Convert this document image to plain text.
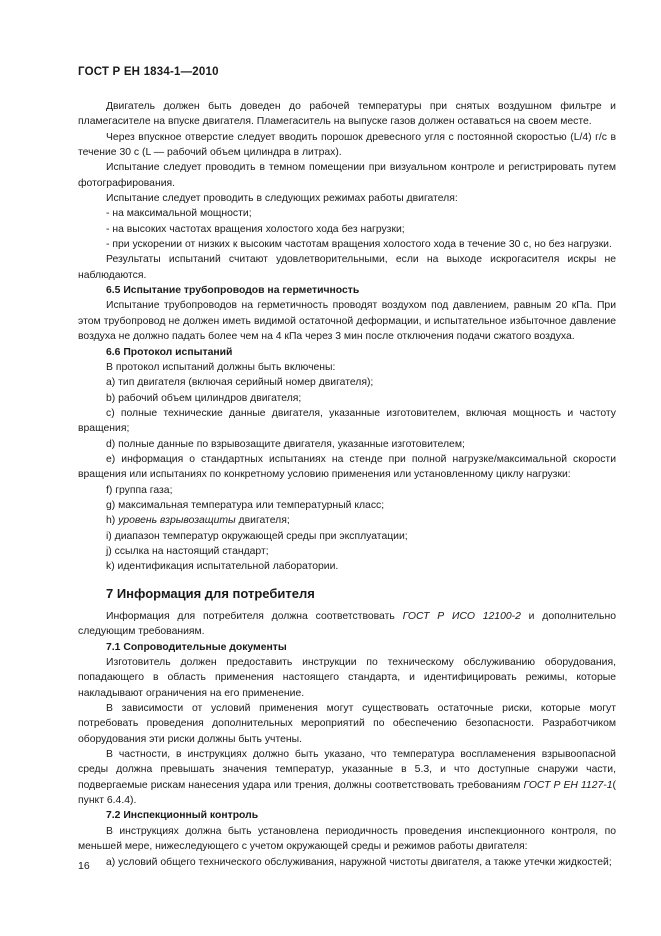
ГОСТ Р ЕН 1834-1—2010

Двигатель должен быть доведен до рабочей температуры при снятых воздушном фильтре и пламегасителе на впуске двигателя. Пламегаситель на выпуске газов должен оставаться на своем месте.

Через впускное отверстие следует вводить порошок древесного угля с постоянной скоростью (L/4) г/с в течение 30 с (L — рабочий объем цилиндра в литрах).

Испытание следует проводить в темном помещении при визуальном контроле и регистрировать путем фотографирования.

Испытание следует проводить в следующих режимах работы двигателя:

- на максимальной мощности;

- на высоких частотах вращения холостого хода без нагрузки;

- при ускорении от низких к высоким частотам вращения холостого хода в течение 30 с, но без нагрузки.

Результаты испытаний считают удовлетворительными, если на выходе искрогасителя искры не наблюдаются.

6.5 Испытание трубопроводов на герметичность

Испытание трубопроводов на герметичность проводят воздухом под давлением, равным 20 кПа. При этом трубопровод не должен иметь видимой остаточной деформации, и испытательное избыточное давление воздуха не должно падать более чем на 4 кПа через 3 мин после отключения подачи сжатого воздуха.

6.6 Протокол испытаний

В протокол испытаний должны быть включены:

а) тип двигателя (включая серийный номер двигателя);

b) рабочий объем цилиндров двигателя;

с) полные технические данные двигателя, указанные изготовителем, включая мощность и частоту вращения;

d) полные данные по взрывозащите двигателя, указанные изготовителем;

е) информация о стандартных испытаниях на стенде при полной нагрузке/максимальной скорости вращения или испытаниях по конкретному условию применения или установленному циклу нагрузки:

f) группа газа;

g) максимальная температура или температурный класс;

h) уровень взрывозащиты двигателя;

i) диапазон температур окружающей среды при эксплуатации;

j) ссылка на настоящий стандарт;

k) идентификация испытательной лаборатории.

7 Информация для потребителя

Информация для потребителя должна соответствовать ГОСТ Р ИСО 12100-2 и дополнительно следующим требованиям.

7.1 Сопроводительные документы

Изготовитель должен предоставить инструкции по техническому обслуживанию оборудования, попадающего в область применения настоящего стандарта, и идентифицировать режимы, которые накладывают ограничения на его применение.

В зависимости от условий применения могут существовать остаточные риски, которые могут потребовать проведения дополнительных мероприятий по обеспечению безопасности. Разработчиком оборудования эти риски должны быть учтены.

В частности, в инструкциях должно быть указано, что температура воспламенения взрывоопасной среды должна превышать значения температур, указанные в 5.3, и что доступные снаружи части, подвергаемые рискам нанесения удара или трения, должны соответствовать требованиям ГОСТ Р ЕН 1127-1( пункт 6.4.4).

7.2 Инспекционный контроль

В инструкциях должна быть установлена периодичность проведения инспекционного контроля, по меньшей мере, нижеследующего с учетом окружающей среды и режимов работы двигателя:

а) условий общего технического обслуживания, наружной чистоты двигателя, а также утечки жидкостей;

16
